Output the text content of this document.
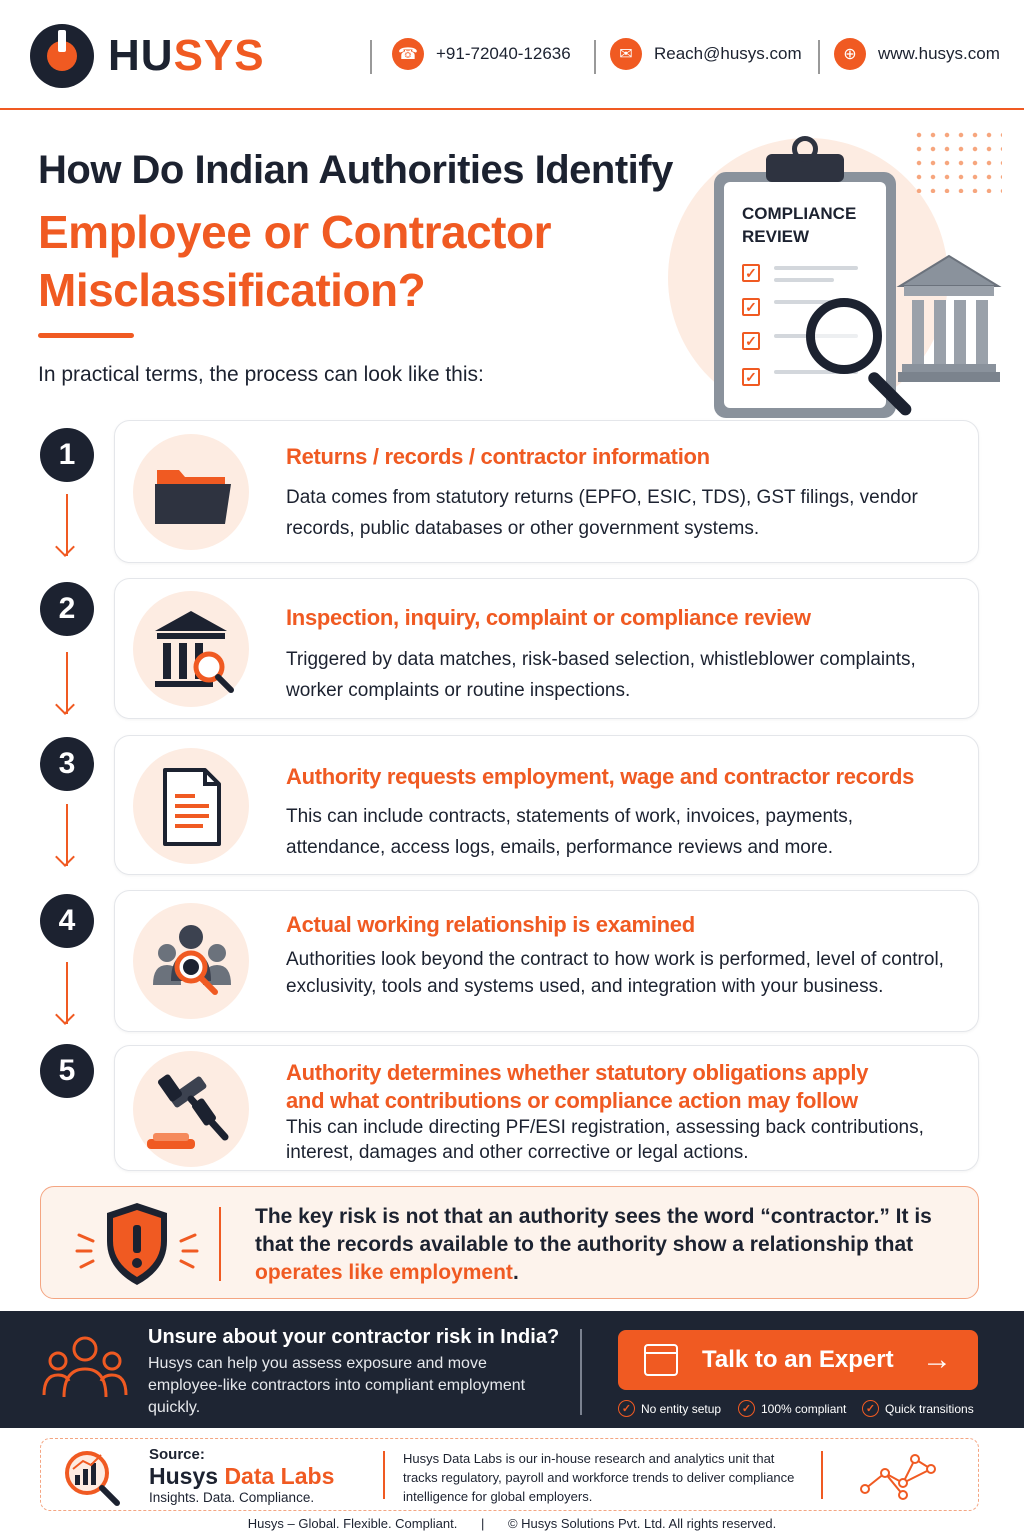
HUSYS	☎	+91-72040-12636	✉	Reach@husys.com	⊕	www.husys.com
How Do Indian Authorities Identify
Employee or Contractor Misclassification?
In practical terms, the process can look like this:
COMPLIANCE REVIEW
✓
✓
✓
✓
1	Returns / records / contractor information
Data comes from statutory returns (EPFO, ESIC, TDS), GST filings, vendor records, public databases or other government systems.
2	Inspection, inquiry, complaint or compliance review
Triggered by data matches, risk-based selection, whistleblower complaints, worker complaints or routine inspections.
3	Authority requests employment, wage and contractor records
This can include contracts, statements of work, invoices, payments, attendance, access logs, emails, performance reviews and more.
4	Actual working relationship is examined
Authorities look beyond the contract to how work is performed, level of control, exclusivity, tools and systems used, and integration with your business.
5	Authority determines whether statutory obligations apply and what contributions or compliance action may follow
This can include directing PF/ESI registration, assessing back contributions, interest, damages and other corrective or legal actions.
The key risk is not that an authority sees the word “contractor.” It is that the records available to the authority show a relationship that operates like employment.
Unsure about your contractor risk in India?
Husys can help you assess exposure and move employee-like contractors into compliant employment quickly.
Talk to an Expert →
✓ No entity setup	✓ 100% compliant	✓ Quick transitions
Source:
Husys Data Labs
Insights. Data. Compliance.
Husys Data Labs is our in-house research and analytics unit that tracks regulatory, payroll and workforce trends to deliver compliance intelligence for global employers.
Husys – Global. Flexible. Compliant. | © Husys Solutions Pvt. Ltd. All rights reserved.
